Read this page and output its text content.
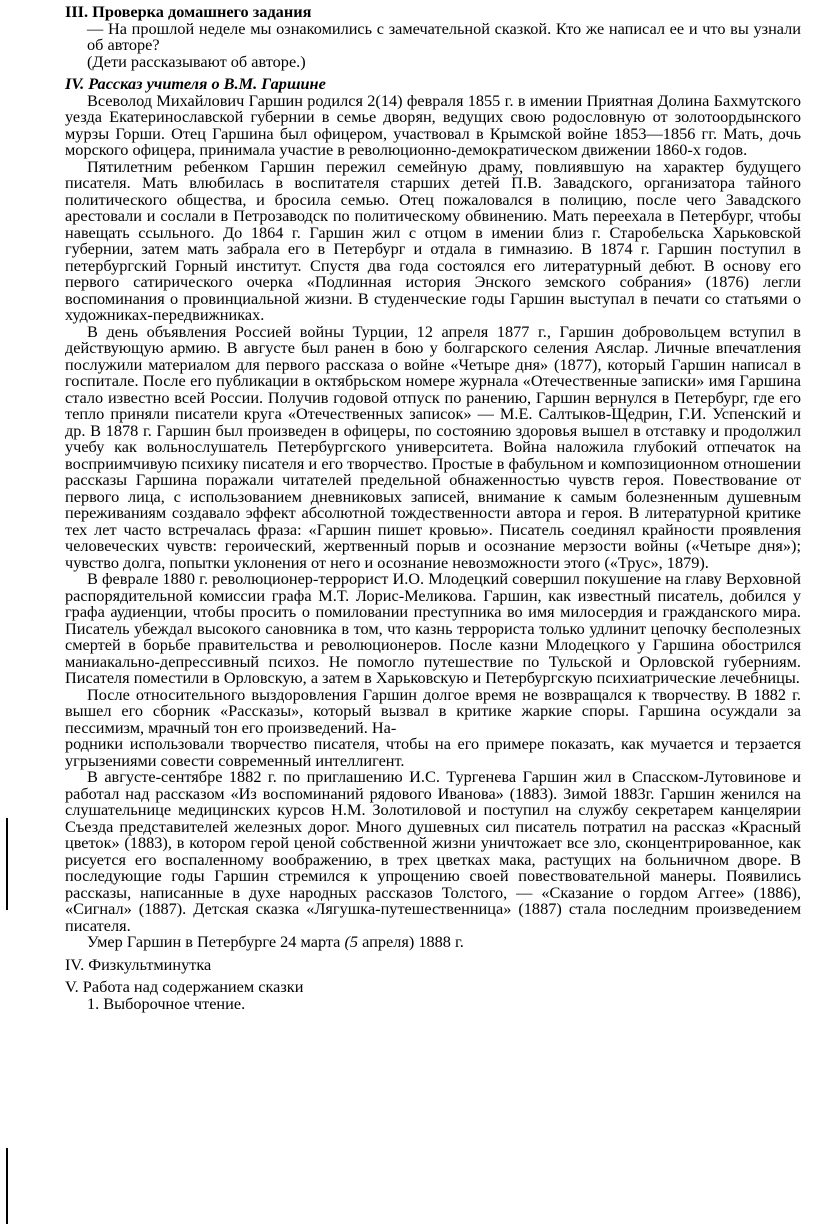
III. Проверка домашнего задания

— На прошлой неделе мы ознакомились с замечательной сказкой. Кто же написал ее и что вы узнали об авторе?

(Дети рассказывают об авторе.)

IV. Рассказ учителя о В.М. Гаршине

Всеволод Михайлович Гаршин родился 2(14) февраля 1855 г. в имении Приятная Долина Бахмутского уезда Екатеринославской губернии в семье дворян, ведущих свою родословную от золотоордынского мурзы Горши. Отец Гаршина был офицером, участвовал в Крымской войне 1853—1856 гг. Мать, дочь морского офицера, принимала участие в революционно-демократическом движении 1860-х годов.

Пятилетним ребенком Гаршин пережил семейную драму, повлиявшую на характер будущего писателя. Мать влюбилась в воспитателя старших детей П.В. Завадского, организатора тайного политического общества, и бросила семью. Отец пожаловался в полицию, после чего Завадского арестовали и сослали в Петрозаводск по политическому обвинению. Мать переехала в Петербург, чтобы навещать ссыльного. До 1864 г. Гаршин жил с отцом в имении близ г. Старобельска Харьковской губернии, затем мать забрала его в Петербург и отдала в гимназию. В 1874 г. Гаршин поступил в петербургский Горный институт. Спустя два года состоялся его литературный дебют. В основу его первого сатирического очерка «Подлинная история Энского земского собрания» (1876) легли воспоминания о провинциальной жизни. В студенческие годы Гаршин выступал в печати со статьями о художниках-передвижниках.

В день объявления Россией войны Турции, 12 апреля 1877 г., Гаршин добровольцем вступил в действующую армию. В августе был ранен в бою у болгарского селения Аяслар. Личные впечатления послужили материалом для первого рассказа о войне «Четыре дня» (1877), который Гаршин написал в госпитале. После его публикации в октябрьском номере журнала «Отечественные записки» имя Гаршина стало известно всей России. Получив годовой отпуск по ранению, Гаршин вернулся в Петербург, где его тепло приняли писатели круга «Отечественных записок» — М.Е. Салтыков-Щедрин, Г.И. Успенский и др. В 1878 г. Гаршин был произведен в офицеры, по состоянию здоровья вышел в отставку и продолжил учебу как вольнослушатель Петербургского университета. Война наложила глубокий отпечаток на восприимчивую психику писателя и его творчество. Простые в фабульном и композиционном отношении рассказы Гаршина поражали читателей предельной обнаженностью чувств героя. Повествование от первого лица, с использованием дневниковых записей, внимание к самым болезненным душевным переживаниям создавало эффект абсолютной тождественности автора и героя. В литературной критике тех лет часто встречалась фраза: «Гаршин пишет кровью». Писатель соединял крайности проявления человеческих чувств: героический, жертвенный порыв и осознание мерзости войны («Четыре дня»); чувство долга, попытки уклонения от него и осознание невозможности этого («Трус», 1879).

В феврале 1880 г. революционер-террорист И.О. Млодецкий совершил покушение на главу Верховной распорядительной комиссии графа М.Т. Лорис-Меликова. Гаршин, как известный писатель, добился у графа аудиенции, чтобы просить о помиловании преступника во имя милосердия и гражданского мира. Писатель убеждал высокого сановника в том, что казнь террориста только удлинит цепочку бесполезных смертей в борьбе правительства и революционеров. После казни Млодецкого у Гаршина обострился маниакально-депрессивный психоз. Не помогло путешествие по Тульской и Орловской губерниям. Писателя поместили в Орловскую, а затем в Харьковскую и Петербургскую психиатрические лечебницы.

После относительного выздоровления Гаршин долгое время не возвращался к творчеству. В 1882 г. вышел его сборник «Рассказы», который вызвал в критике жаркие споры. Гаршина осуждали за пессимизм, мрачный тон его произведений. На-

родники использовали творчество писателя, чтобы на его примере показать, как мучается и терзается угрызениями совести современный интеллигент.

В августе-сентябре 1882 г. по приглашению И.С. Тургенева Гаршин жил в Спасском-Лутовинове и работал над рассказом «Из воспоминаний рядового Иванова» (1883). Зимой 1883г. Гаршин женился на слушательнице медицинских курсов Н.М. Золотиловой и поступил на службу секретарем канцелярии Съезда представителей железных дорог. Много душевных сил писатель потратил на рассказ «Красный цветок» (1883), в котором герой ценой собственной жизни уничтожает все зло, сконцентрированное, как рисуется его воспаленному воображению, в трех цветках мака, растущих на больничном дворе. В последующие годы Гаршин стремился к упрощению своей повествовательной манеры. Появились рассказы, написанные в духе народных рассказов Толстого, — «Сказание о гордом Аггее» (1886), «Сигнал» (1887). Детская сказка «Лягушка-путешественница» (1887) стала последним произведением писателя.

Умер Гаршин в Петербурге 24 марта (5 апреля) 1888 г.

IV. Физкультминутка

V. Работа над содержанием сказки

1. Выборочное чтение.
